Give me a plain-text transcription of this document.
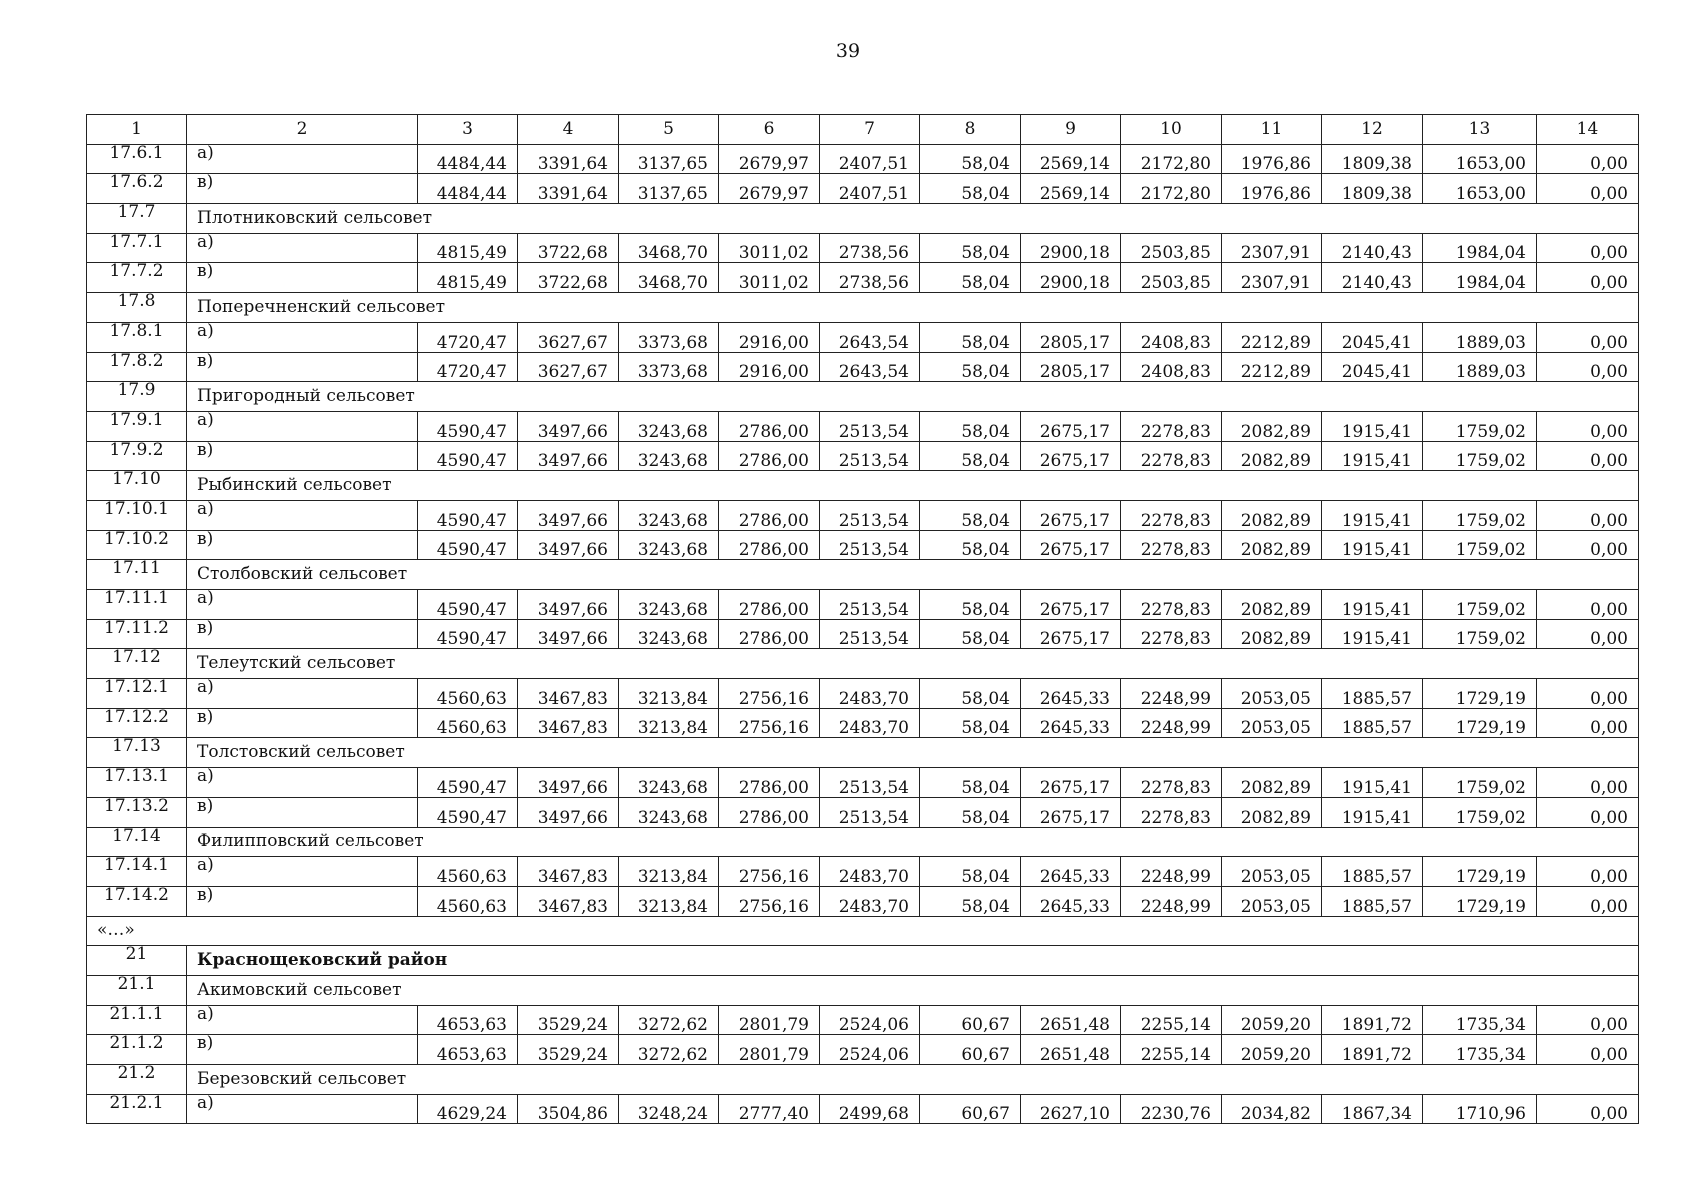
39
1	2	3	4	5	6	7	8	9	10	11	12	13	14
17.6.1	а)	4484,44	3391,64	3137,65	2679,97	2407,51	58,04	2569,14	2172,80	1976,86	1809,38	1653,00	0,00
17.6.2	в)	4484,44	3391,64	3137,65	2679,97	2407,51	58,04	2569,14	2172,80	1976,86	1809,38	1653,00	0,00
17.7	Плотниковский сельсовет												
17.7.1	а)	4815,49	3722,68	3468,70	3011,02	2738,56	58,04	2900,18	2503,85	2307,91	2140,43	1984,04	0,00
17.7.2	в)	4815,49	3722,68	3468,70	3011,02	2738,56	58,04	2900,18	2503,85	2307,91	2140,43	1984,04	0,00
17.8	Поперечненский сельсовет												
17.8.1	а)	4720,47	3627,67	3373,68	2916,00	2643,54	58,04	2805,17	2408,83	2212,89	2045,41	1889,03	0,00
17.8.2	в)	4720,47	3627,67	3373,68	2916,00	2643,54	58,04	2805,17	2408,83	2212,89	2045,41	1889,03	0,00
17.9	Пригородный сельсовет												
17.9.1	а)	4590,47	3497,66	3243,68	2786,00	2513,54	58,04	2675,17	2278,83	2082,89	1915,41	1759,02	0,00
17.9.2	в)	4590,47	3497,66	3243,68	2786,00	2513,54	58,04	2675,17	2278,83	2082,89	1915,41	1759,02	0,00
17.10	Рыбинский сельсовет												
17.10.1	а)	4590,47	3497,66	3243,68	2786,00	2513,54	58,04	2675,17	2278,83	2082,89	1915,41	1759,02	0,00
17.10.2	в)	4590,47	3497,66	3243,68	2786,00	2513,54	58,04	2675,17	2278,83	2082,89	1915,41	1759,02	0,00
17.11	Столбовский сельсовет												
17.11.1	а)	4590,47	3497,66	3243,68	2786,00	2513,54	58,04	2675,17	2278,83	2082,89	1915,41	1759,02	0,00
17.11.2	в)	4590,47	3497,66	3243,68	2786,00	2513,54	58,04	2675,17	2278,83	2082,89	1915,41	1759,02	0,00
17.12	Телеутский сельсовет												
17.12.1	а)	4560,63	3467,83	3213,84	2756,16	2483,70	58,04	2645,33	2248,99	2053,05	1885,57	1729,19	0,00
17.12.2	в)	4560,63	3467,83	3213,84	2756,16	2483,70	58,04	2645,33	2248,99	2053,05	1885,57	1729,19	0,00
17.13	Толстовский сельсовет												
17.13.1	а)	4590,47	3497,66	3243,68	2786,00	2513,54	58,04	2675,17	2278,83	2082,89	1915,41	1759,02	0,00
17.13.2	в)	4590,47	3497,66	3243,68	2786,00	2513,54	58,04	2675,17	2278,83	2082,89	1915,41	1759,02	0,00
17.14	Филипповский сельсовет												
17.14.1	а)	4560,63	3467,83	3213,84	2756,16	2483,70	58,04	2645,33	2248,99	2053,05	1885,57	1729,19	0,00
17.14.2	в)	4560,63	3467,83	3213,84	2756,16	2483,70	58,04	2645,33	2248,99	2053,05	1885,57	1729,19	0,00
«…»													
21	Краснощековский район												
21.1	Акимовский сельсовет												
21.1.1	а)	4653,63	3529,24	3272,62	2801,79	2524,06	60,67	2651,48	2255,14	2059,20	1891,72	1735,34	0,00
21.1.2	в)	4653,63	3529,24	3272,62	2801,79	2524,06	60,67	2651,48	2255,14	2059,20	1891,72	1735,34	0,00
21.2	Березовский сельсовет												
21.2.1	а)	4629,24	3504,86	3248,24	2777,40	2499,68	60,67	2627,10	2230,76	2034,82	1867,34	1710,96	0,00
